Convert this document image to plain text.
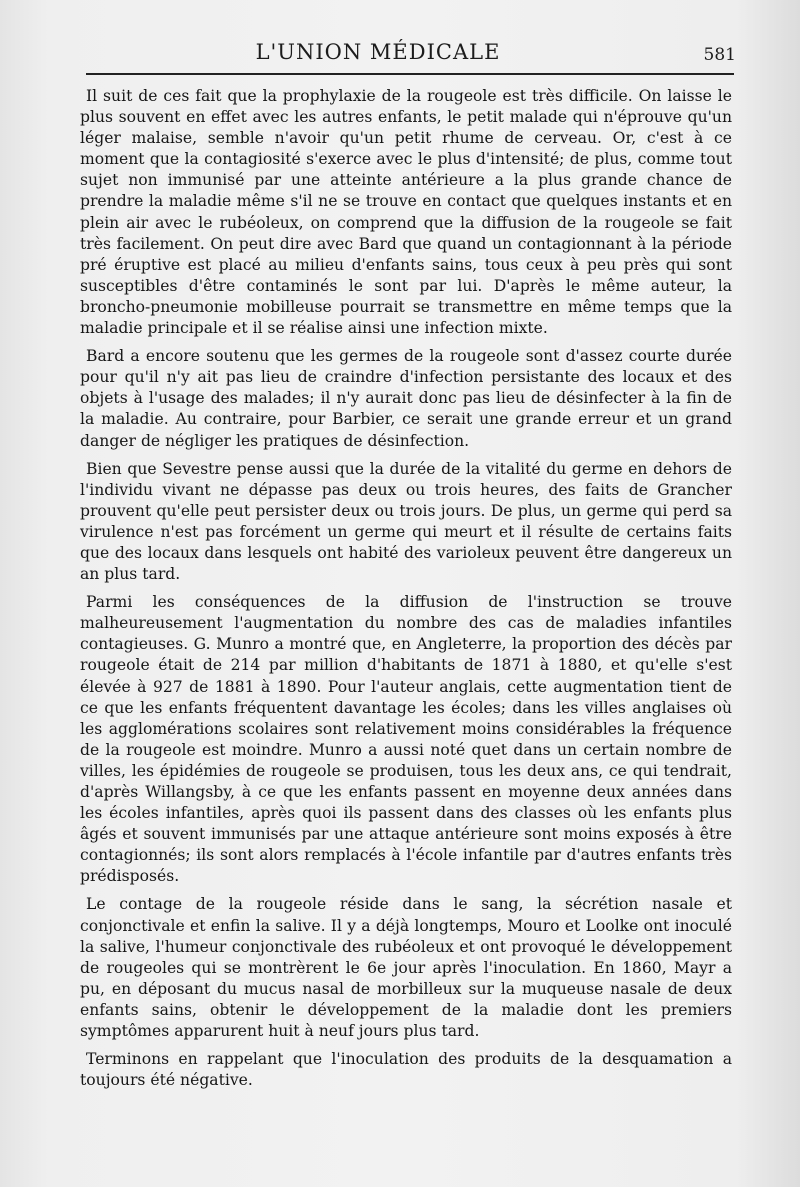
L'UNION MÉDICALE	581

Il suit de ces fait que la prophylaxie de la rougeole est très difficile. On laisse le plus souvent en effet avec les autres enfants, le petit malade qui n'éprouve qu'un léger malaise, semble n'avoir qu'un petit rhume de cerveau. Or, c'est à ce moment que la contagiosité s'exerce avec le plus d'intensité; de plus, comme tout sujet non immunisé par une atteinte antérieure a la plus grande chance de prendre la maladie même s'il ne se trouve en contact que quelques instants et en plein air avec le rubéoleux, on comprend que la diffusion de la rougeole se fait très facilement. On peut dire avec Bard que quand un contagionnant à la période pré éruptive est placé au milieu d'enfants sains, tous ceux à peu près qui sont susceptibles d'être contaminés le sont par lui. D'après le même auteur, la broncho-pneumonie mobilleuse pourrait se transmettre en même temps que la maladie principale et il se réalise ainsi une infection mixte.

Bard a encore soutenu que les germes de la rougeole sont d'assez courte durée pour qu'il n'y ait pas lieu de craindre d'infection persistante des locaux et des objets à l'usage des malades; il n'y aurait donc pas lieu de désinfecter à la fin de la maladie. Au contraire, pour Barbier, ce serait une grande erreur et un grand danger de négliger les pratiques de désinfection.

Bien que Sevestre pense aussi que la durée de la vitalité du germe en dehors de l'individu vivant ne dépasse pas deux ou trois heures, des faits de Grancher prouvent qu'elle peut persister deux ou trois jours. De plus, un germe qui perd sa virulence n'est pas forcément un germe qui meurt et il résulte de certains faits que des locaux dans lesquels ont habité des varioleux peuvent être dangereux un an plus tard.

Parmi les conséquences de la diffusion de l'instruction se trouve malheureusement l'augmentation du nombre des cas de maladies infantiles contagieuses. G. Munro a montré que, en Angleterre, la proportion des décès par rougeole était de 214 par million d'habitants de 1871 à 1880, et qu'elle s'est élevée à 927 de 1881 à 1890. Pour l'auteur anglais, cette augmentation tient de ce que les enfants fréquentent davantage les écoles; dans les villes anglaises où les agglomérations scolaires sont relativement moins considérables la fréquence de la rougeole est moindre. Munro a aussi noté quet dans un certain nombre de villes, les épidémies de rougeole se produisen, tous les deux ans, ce qui tendrait, d'après Willangsby, à ce que les enfants passent en moyenne deux années dans les écoles infantiles, après quoi ils passent dans des classes où les enfants plus âgés et souvent immunisés par une attaque antérieure sont moins exposés à être contagionnés; ils sont alors remplacés à l'école infantile par d'autres enfants très prédisposés.

Le contage de la rougeole réside dans le sang, la sécrétion nasale et conjonctivale et enfin la salive. Il y a déjà longtemps, Mouro et Loolke ont inoculé la salive, l'humeur conjonctivale des rubéoleux et ont provoqué le développement de rougeoles qui se montrèrent le 6e jour après l'inoculation. En 1860, Mayr a pu, en déposant du mucus nasal de morbilleux sur la muqueuse nasale de deux enfants sains, obtenir le développement de la maladie dont les premiers symptômes apparurent huit à neuf jours plus tard.

Terminons en rappelant que l'inoculation des produits de la desquamation a toujours été négative.
